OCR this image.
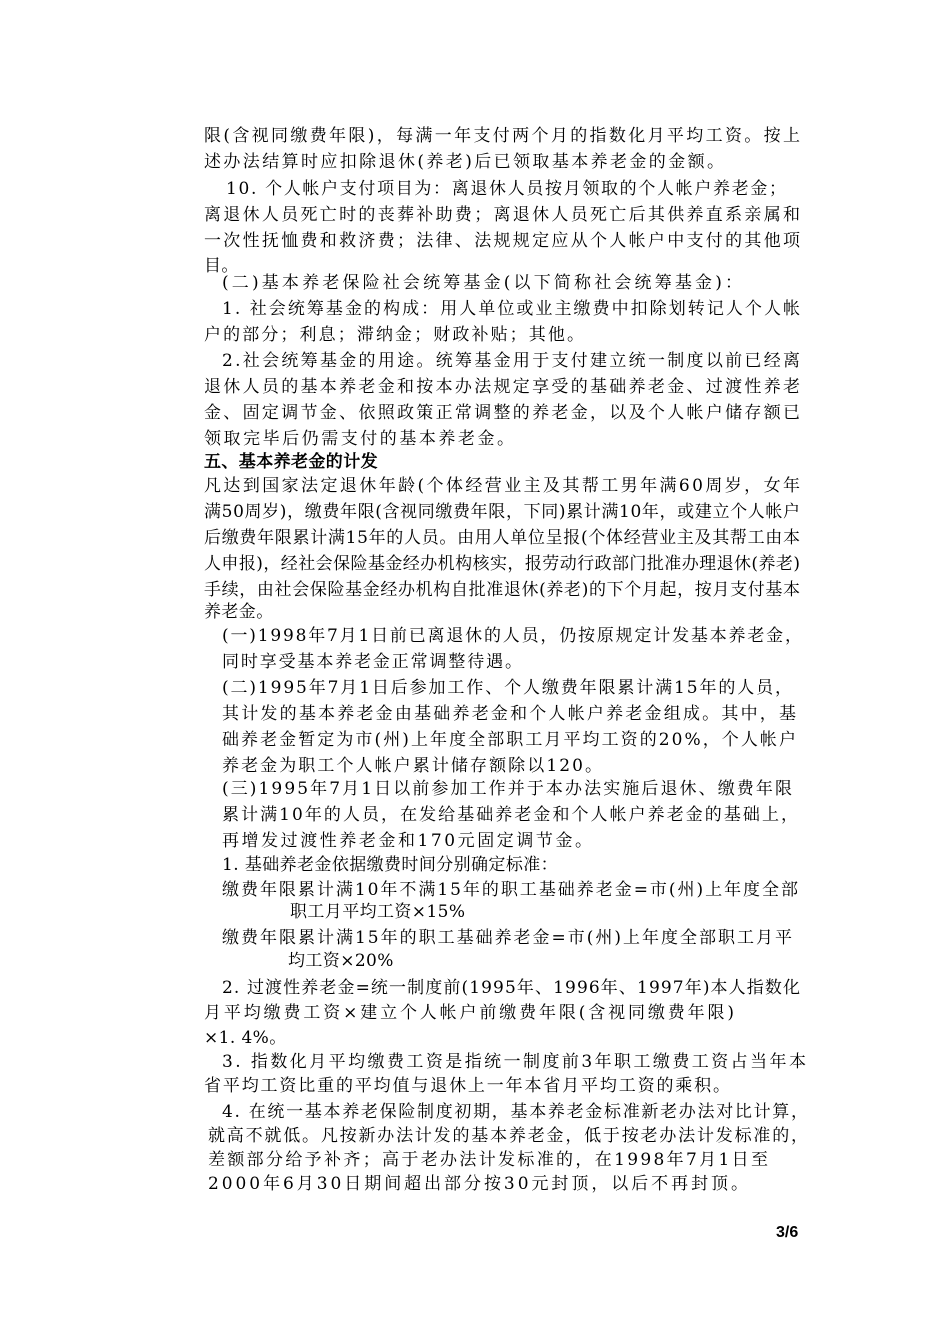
限(含视同缴费年限)，每满一年支付两个月的指数化月平均工资。按上
述办法结算时应扣除退休(养老)后已领取基本养老金的金额。
10. 个人帐户支付项目为：离退休人员按月领取的个人帐户养老金；
离退休人员死亡时的丧葬补助费；离退休人员死亡后其供养直系亲属和
一次性抚恤费和救济费；法律、法规规定应从个人帐户中支付的其他项
目。
(二)基本养老保险社会统筹基金(以下简称社会统筹基金)：
1. 社会统筹基金的构成：用人单位或业主缴费中扣除划转记人个人帐
户的部分；利息；滞纳金；财政补贴；其他。
2.社会统筹基金的用途。统筹基金用于支付建立统一制度以前已经离
退休人员的基本养老金和按本办法规定享受的基础养老金、过渡性养老
金、固定调节金、依照政策正常调整的养老金，以及个人帐户储存额已
领取完毕后仍需支付的基本养老金。
五、基本养老金的计发
凡达到国家法定退休年龄(个体经营业主及其帮工男年满60周岁，女年
满50周岁)，缴费年限(含视同缴费年限，下同)累计满10年，或建立个人帐户
后缴费年限累计满15年的人员。由用人单位呈报(个体经营业主及其帮工由本
人申报)，经社会保险基金经办机构核实，报劳动行政部门批准办理退休(养老)
手续，由社会保险基金经办机构自批准退休(养老)的下个月起，按月支付基本
养老金。
(一)1998年7月1日前已离退休的人员，仍按原规定计发基本养老金，
同时享受基本养老金正常调整待遇。
(二)1995年7月1日后参加工作、个人缴费年限累计满15年的人员，
其计发的基本养老金由基础养老金和个人帐户养老金组成。其中，基
础养老金暂定为市(州)上年度全部职工月平均工资的20%，个人帐户
养老金为职工个人帐户累计储存额除以120。
(三)1995年7月1日以前参加工作并于本办法实施后退休、缴费年限
累计满10年的人员，在发给基础养老金和个人帐户养老金的基础上，
再增发过渡性养老金和170元固定调节金。
1. 基础养老金依据缴费时间分别确定标准：
缴费年限累计满10年不满15年的职工基础养老金=市(州)上年度全部
职工月平均工资×15%
缴费年限累计满15年的职工基础养老金=市(州)上年度全部职工月平
均工资×20%
2. 过渡性养老金=统一制度前(1995年、1996年、1997年)本人指数化
月平均缴费工资×建立个人帐户前缴费年限(含视同缴费年限)
×1. 4%。
3. 指数化月平均缴费工资是指统一制度前3年职工缴费工资占当年本
省平均工资比重的平均值与退休上一年本省月平均工资的乘积。
4. 在统一基本养老保险制度初期，基本养老金标准新老办法对比计算，
就高不就低。凡按新办法计发的基本养老金，低于按老办法计发标准的，
差额部分给予补齐；高于老办法计发标准的，在1998年7月1日至
2000年6月30日期间超出部分按30元封顶，以后不再封顶。
3/6
